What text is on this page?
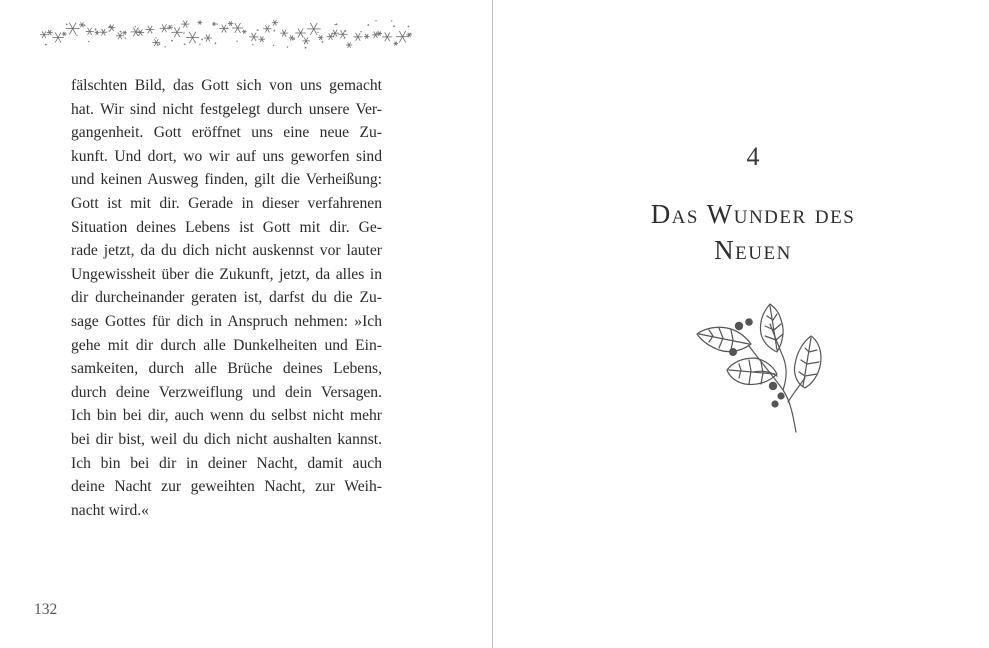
fälschten Bild, das Gott sich von uns gemacht
hat. Wir sind nicht festgelegt durch unsere Ver-
gangenheit. Gott eröffnet uns eine neue Zu-
kunft. Und dort, wo wir auf uns geworfen sind
und keinen Ausweg finden, gilt die Verheißung:
Gott ist mit dir. Gerade in dieser verfahrenen
Situation deines Lebens ist Gott mit dir. Ge-
rade jetzt, da du dich nicht auskennst vor lauter
Ungewissheit über die Zukunft, jetzt, da alles in
dir durcheinander geraten ist, darfst du die Zu-
sage Gottes für dich in Anspruch nehmen: »Ich
gehe mit dir durch alle Dunkelheiten und Ein-
samkeiten, durch alle Brüche deines Lebens,
durch deine Verzweiflung und dein Versagen.
Ich bin bei dir, auch wenn du selbst nicht mehr
bei dir bist, weil du dich nicht aushalten kannst.
Ich bin bei dir in deiner Nacht, damit auch
deine Nacht zur geweihten Nacht, zur Weih-
nacht wird.«
132
4
Das Wunder des
Neuen
